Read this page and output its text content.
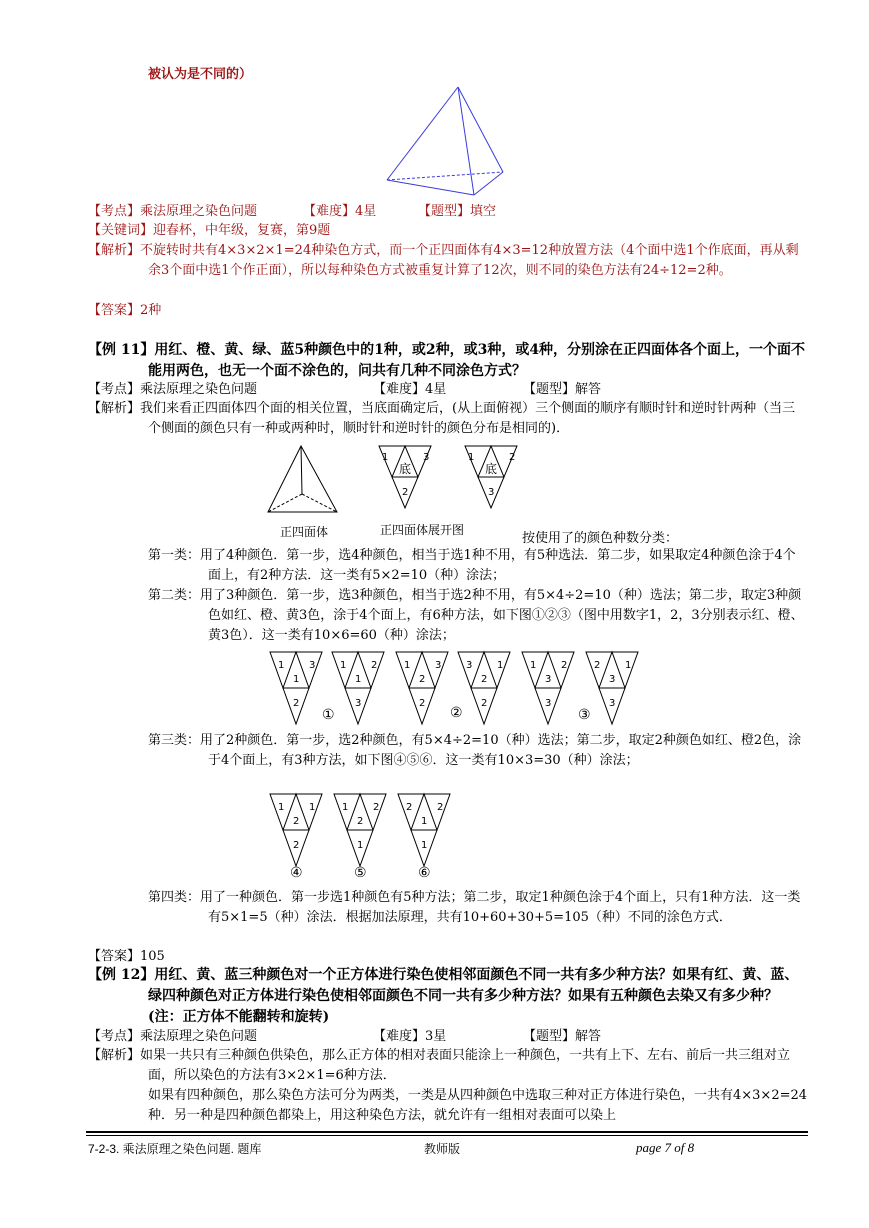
被认为是不同的）
【考点】乘法原理之染色问题	【难度】4星	【题型】填空
【关键词】迎春杯，中年级，复赛，第9题
【解析】不旋转时共有4×3×2×1=24种染色方式，而一个正四面体有4×3=12种放置方法（4个面中选1个作底面，再从剩余3个面中选1个作正面），所以每种染色方式被重复计算了12次，则不同的染色方法有24÷12=2种。
【答案】2种
【例 11】用红、橙、黄、绿、蓝5种颜色中的1种，或2种，或3种，或4种，分别涂在正四面体各个面上，一个面不能用两色，也无一个面不涂色的，问共有几种不同涂色方式？
【考点】乘法原理之染色问题	【难度】4星	【题型】解答
【解析】我们来看正四面体四个面的相关位置，当底面确定后，(从上面俯视）三个侧面的顺序有顺时针和逆时针两种（当三个侧面的颜色只有一种或两种时，顺时针和逆时针的颜色分布是相同的)．
1	3
底
2
1	2
底
3
正四面体	正四面体展开图
按使用了的颜色种数分类：
第一类：用了4种颜色．第一步，选4种颜色，相当于选1种不用，有5种选法．第二步，如果取定4种颜色涂于4个面上，有2种方法．这一类有5×2=10（种）涂法；
第二类：用了3种颜色．第一步，选3种颜色，相当于选2种不用，有5×4÷2=10（种）选法；第二步，取定3种颜色如红、橙、黄3色，涂于4个面上，有6种方法，如下图①②③（图中用数字1，2，3分别表示红、橙、黄3色）．这一类有10×6=60（种）涂法；
1 3
1
2
1 2
1
3
1 3
2
2
3 1
2
2
1 2
3
3
2 1
3
3
①	②	③
第三类：用了2种颜色．第一步，选2种颜色，有5×4÷2=10（种）选法；第二步，取定2种颜色如红、橙2色，涂于4个面上，有3种方法，如下图④⑤⑥．这一类有10×3=30（种）涂法；
1 1
2
2
1 2
2
1
2 2
1
1
④	⑤	⑥
第四类：用了一种颜色．第一步选1种颜色有5种方法；第二步，取定1种颜色涂于4个面上，只有1种方法．这一类有5×1=5（种）涂法．根据加法原理，共有10+60+30+5=105（种）不同的涂色方式．
【答案】105
【例 12】用红、黄、蓝三种颜色对一个正方体进行染色使相邻面颜色不同一共有多少种方法？如果有红、黄、蓝、绿四种颜色对正方体进行染色使相邻面颜色不同一共有多少种方法？如果有五种颜色去染又有多少种？(注：正方体不能翻转和旋转)
【考点】乘法原理之染色问题	【难度】3星	【题型】解答
【解析】如果一共只有三种颜色供染色，那么正方体的相对表面只能涂上一种颜色，一共有上下、左右、前后一共三组对立面，所以染色的方法有3×2×1=6种方法．
如果有四种颜色，那么染色方法可分为两类，一类是从四种颜色中选取三种对正方体进行染色，一共有4×3×2=24种．另一种是四种颜色都染上，用这种染色方法，就允许有一组相对表面可以染上
7-2-3. 乘法原理之染色问题. 题库	教师版	page 7 of 8
